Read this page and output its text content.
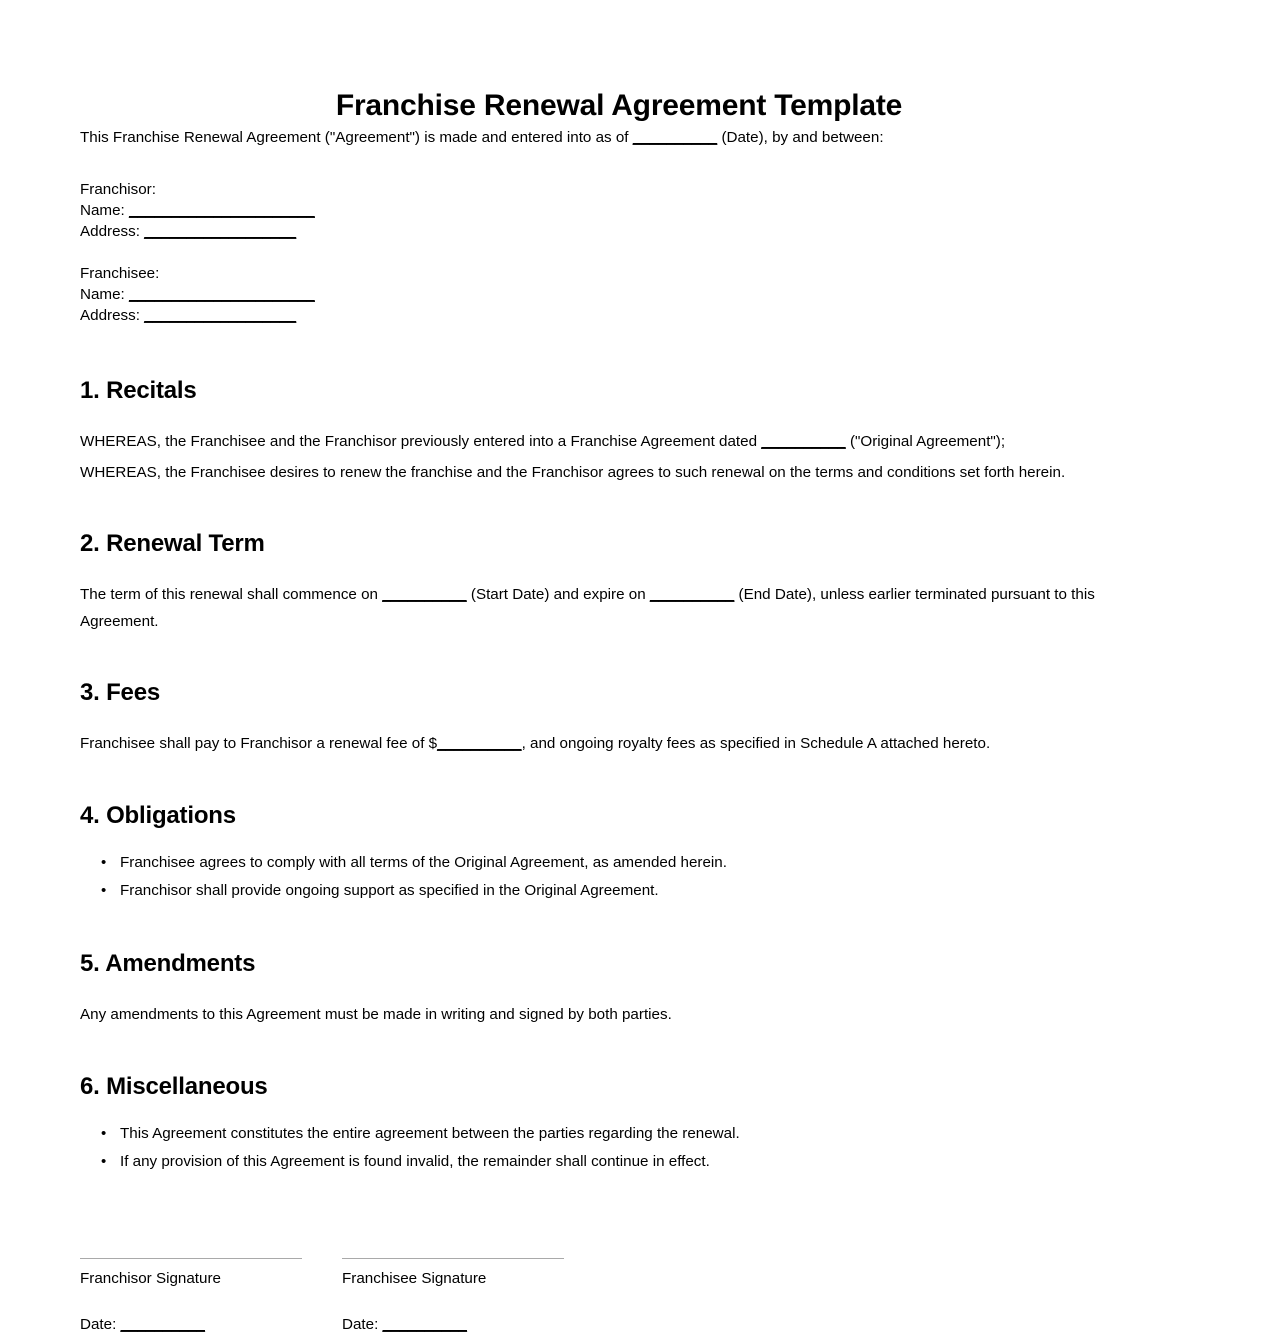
Franchise Renewal Agreement Template

This Franchise Renewal Agreement ("Agreement") is made and entered into as of __________ (Date), by and between:

Franchisor:
Name: ______________________
Address: __________________
Franchisee:
Name: ______________________
Address: __________________
1. Recitals

WHEREAS, the Franchisee and the Franchisor previously entered into a Franchise Agreement dated __________ ("Original Agreement");

WHEREAS, the Franchisee desires to renew the franchise and the Franchisor agrees to such renewal on the terms and conditions set forth herein.

2. Renewal Term

The term of this renewal shall commence on __________ (Start Date) and expire on __________ (End Date), unless earlier terminated pursuant to this Agreement.

3. Fees

Franchisee shall pay to Franchisor a renewal fee of $__________, and ongoing royalty fees as specified in Schedule A attached hereto.

4. Obligations
• Franchisee agrees to comply with all terms of the Original Agreement, as amended herein.
• Franchisor shall provide ongoing support as specified in the Original Agreement.
5. Amendments

Any amendments to this Agreement must be made in writing and signed by both parties.

6. Miscellaneous
• This Agreement constitutes the entire agreement between the parties regarding the renewal.
• If any provision of this Agreement is found invalid, the remainder shall continue in effect.
Franchisor Signature
Date: __________
Franchisee Signature
Date: __________
